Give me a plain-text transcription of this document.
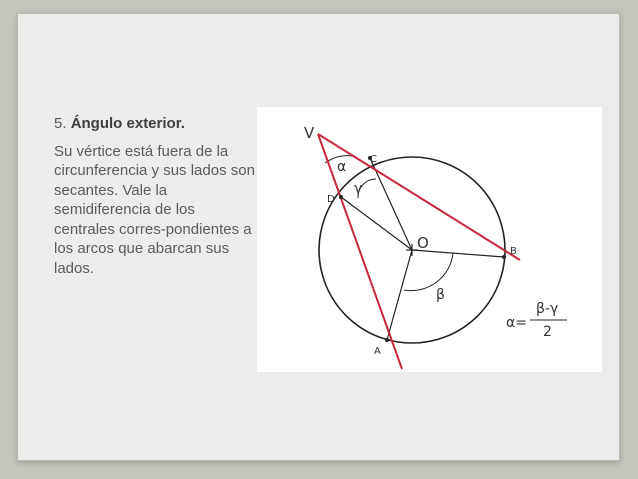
5. Ángulo exterior.

Su vértice está fuera de la circunferencia y sus lados son secantes. Vale la semidiferencia de los centrales corres-pondientes a los arcos que abarcan sus lados.

V
C
D
O	B
A
α
γ
β
α=
β-γ
2
